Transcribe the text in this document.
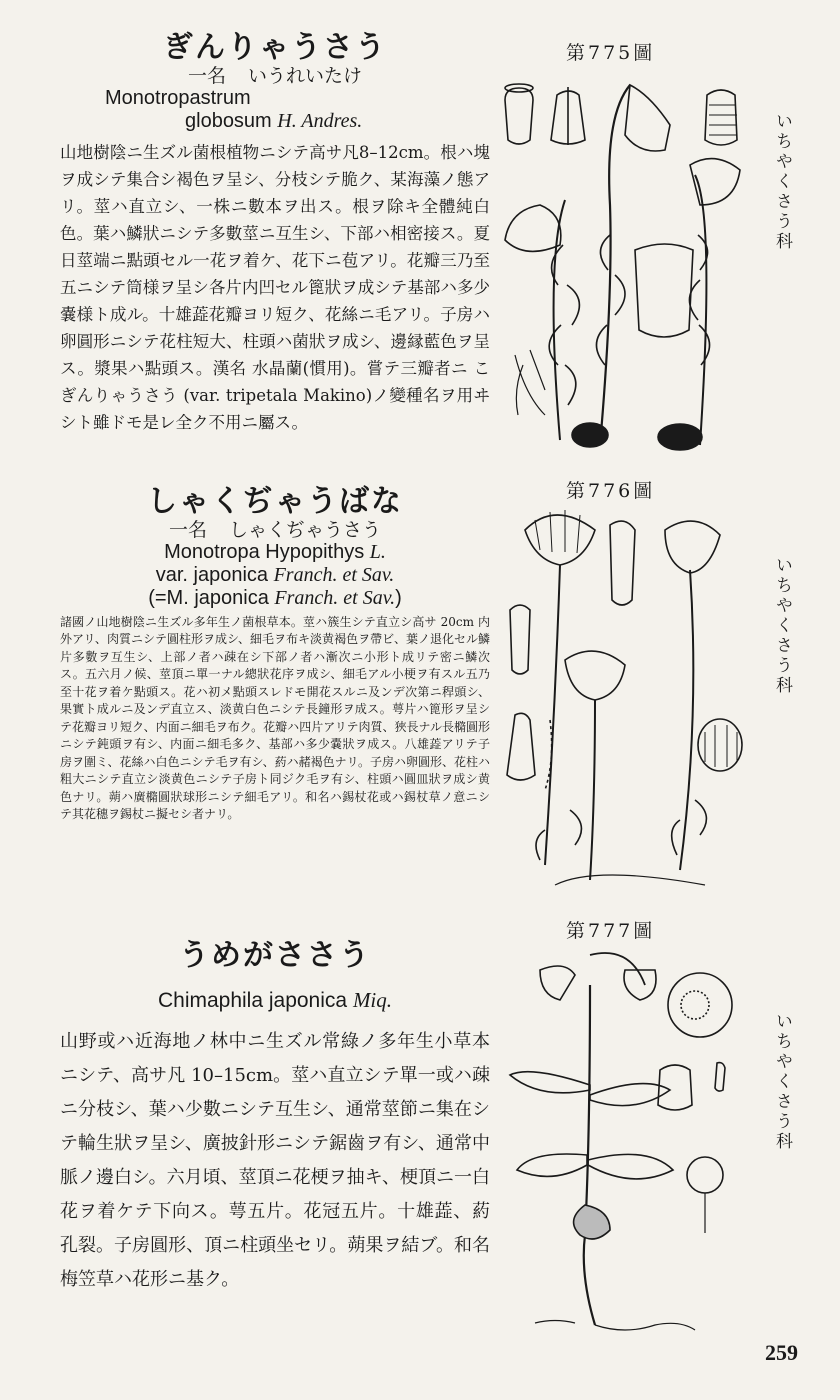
ぎんりゃうさう
一名 いうれいたけ
Monotropastrum
globosum H. Andres.
山地樹陰ニ生ズル菌根植物ニシテ高サ凡8–12cm。根ハ塊ヲ成シテ集合シ褐色ヲ呈シ、分枝シテ脆ク、某海藻ノ態アリ。莖ハ直立シ、一株ニ數本ヲ出ス。根ヲ除キ全體純白色。葉ハ鱗狀ニシテ多數莖ニ互生シ、下部ハ相密接ス。夏日莖端ニ點頭セル一花ヲ着ケ、花下ニ苞アリ。花瓣三乃至五ニシテ筒様ヲ呈シ各片内凹セル篦狀ヲ成シテ基部ハ多少嚢様ト成ル。十雄蕋花瓣ヨリ短ク、花絲ニ毛アリ。子房ハ卵圓形ニシテ花柱短大、柱頭ハ菌狀ヲ成シ、邊縁藍色ヲ呈ス。漿果ハ點頭ス。漢名 水晶蘭(慣用)。嘗テ三瓣者ニ こぎんりゃうさう (var. tripetala Makino)ノ變種名ヲ用ヰシト雖ドモ是レ全ク不用ニ屬ス。
しゃくぢゃうばな
一名 しゃくぢゃうさう
Monotropa Hypopithys L.
var. japonica Franch. et Sav.
(=M. japonica Franch. et Sav.)
諸國ノ山地樹陰ニ生ズル多年生ノ菌根草本。莖ハ簇生シテ直立シ高サ 20cm 内外アリ、肉質ニシテ圓柱形ヲ成シ、細毛ヲ布キ淡黄褐色ヲ帶ビ、葉ノ退化セル鱗片多數ヲ互生シ、上部ノ者ハ疎在シ下部ノ者ハ漸次ニ小形ト成リテ密ニ鱗次ス。五六月ノ候、莖頂ニ單一ナル總狀花序ヲ成シ、細毛アル小梗ヲ有スル五乃至十花ヲ着ケ點頭ス。花ハ初メ點頭スレドモ開花スルニ及ンデ次第ニ稈頭シ、果實ト成ルニ及ンデ直立ス、淡黄白色ニシテ長鐘形ヲ成ス。萼片ハ篦形ヲ呈シテ花瓣ヨリ短ク、内面ニ細毛ヲ布ク。花瓣ハ四片アリテ肉質、狹長ナル長橢圓形ニシテ鈍頭ヲ有シ、内面ニ細毛多ク、基部ハ多少嚢狀ヲ成ス。八雄蕋アリテ子房ヲ圍ミ、花絲ハ白色ニシテ毛ヲ有シ、葯ハ赭褐色ナリ。子房ハ卵圓形、花柱ハ粗大ニシテ直立シ淡黄色ニシテ子房ト同ジク毛ヲ有シ、柱頭ハ圓皿狀ヲ成シ黄色ナリ。蒴ハ廣橢圓狀球形ニシテ細毛アリ。和名ハ錫杖花或ハ錫杖草ノ意ニシテ其花穗ヲ錫杖ニ擬セシ者ナリ。
うめがささう
Chimaphila japonica Miq.
山野或ハ近海地ノ林中ニ生ズル常綠ノ多年生小草本ニシテ、高サ凡 10–15cm。莖ハ直立シテ單一或ハ疎ニ分枝シ、葉ハ少數ニシテ互生シ、通常莖節ニ集在シテ輪生狀ヲ呈シ、廣披針形ニシテ鋸齒ヲ有シ、通常中脈ノ邊白シ。六月頃、莖頂ニ花梗ヲ抽キ、梗頂ニ一白花ヲ着ケテ下向ス。萼五片。花冠五片。十雄蕋、葯孔裂。子房圓形、頂ニ柱頭坐セリ。蒴果ヲ結ブ。和名 梅笠草ハ花形ニ基ク。
第775圖
第776圖
第777圖
いちやくさう科
いちやくさう科
いちやくさう科
259
